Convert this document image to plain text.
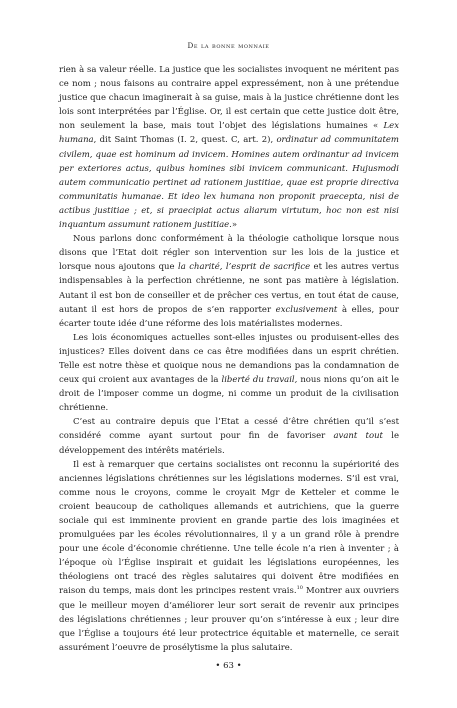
De la bonne monnaie

rien à sa valeur réelle. La justice que les socialistes invoquent ne méritent pas ce nom ; nous faisons au contraire appel expressément, non à une prétendue justice que chacun imaginerait à sa guise, mais à la justice chrétienne dont les lois sont interprétées par l’Église. Or, il est certain que cette justice doit être, non seulement la base, mais tout l’objet des législations humaines « Lex humana, dit Saint Thomas (I. 2, quest. C, art. 2), ordinatur ad communitatem civilem, quae est hominum ad invicem. Homines autem ordinantur ad invicem per exteriores actus, quibus homines sibi invicem communicant. Hujusmodi autem communicatio pertinet ad rationem justitiae, quae est proprie directiva communitatis humanae. Et ideo lex humana non proponit praecepta, nisi de actibus justitiae ; et, si praecipiat actus aliarum virtutum, hoc non est nisi inquantum assumunt rationem justitiae.»

Nous parlons donc conformément à la théologie catholique lorsque nous disons que l’Etat doit régler son intervention sur les lois de la justice et lorsque nous ajoutons que la charité, l’esprit de sacrifice et les autres vertus indispensables à la perfection chrétienne, ne sont pas matière à législation. Autant il est bon de conseiller et de prêcher ces vertus, en tout état de cause, autant il est hors de propos de s’en rapporter exclusivement à elles, pour écarter toute idée d’une réforme des lois matérialistes modernes.

Les lois économiques actuelles sont-elles injustes ou produisent-elles des injustices? Elles doivent dans ce cas être modifiées dans un esprit chrétien. Telle est notre thèse et quoique nous ne demandions pas la condamnation de ceux qui croient aux avantages de la liberté du travail, nous nions qu’on ait le droit de l’imposer comme un dogme, ni comme un produit de la civilisation chrétienne.

C’est au contraire depuis que l’Etat a cessé d’être chrétien qu’il s’est considéré comme ayant surtout pour fin de favoriser avant tout le développement des intérêts matériels.

Il est à remarquer que certains socialistes ont reconnu la supériorité des anciennes législations chrétiennes sur les législations modernes. S’il est vrai, comme nous le croyons, comme le croyait Mgr de Ketteler et comme le croient beaucoup de catholiques allemands et autrichiens, que la guerre sociale qui est imminente provient en grande partie des lois imaginées et promulguées par les écoles révolutionnaires, il y a un grand rôle à prendre pour une école d’économie chrétienne. Une telle école n’a rien à inventer ; à l’époque où l’Église inspirait et guidait les législations européennes, les théologiens ont tracé des règles salutaires qui doivent être modifiées en raison du temps, mais dont les principes restent vrais.$^{10}$ Montrer aux ouvriers que le meilleur moyen d’améliorer leur sort serait de revenir aux principes des législations chrétiennes ; leur prouver qu’on s’intéresse à eux ; leur dire que l’Église a toujours été leur protectrice équitable et maternelle, ce serait assurément l’oeuvre de prosélytisme la plus salutaire.

• 63 •
